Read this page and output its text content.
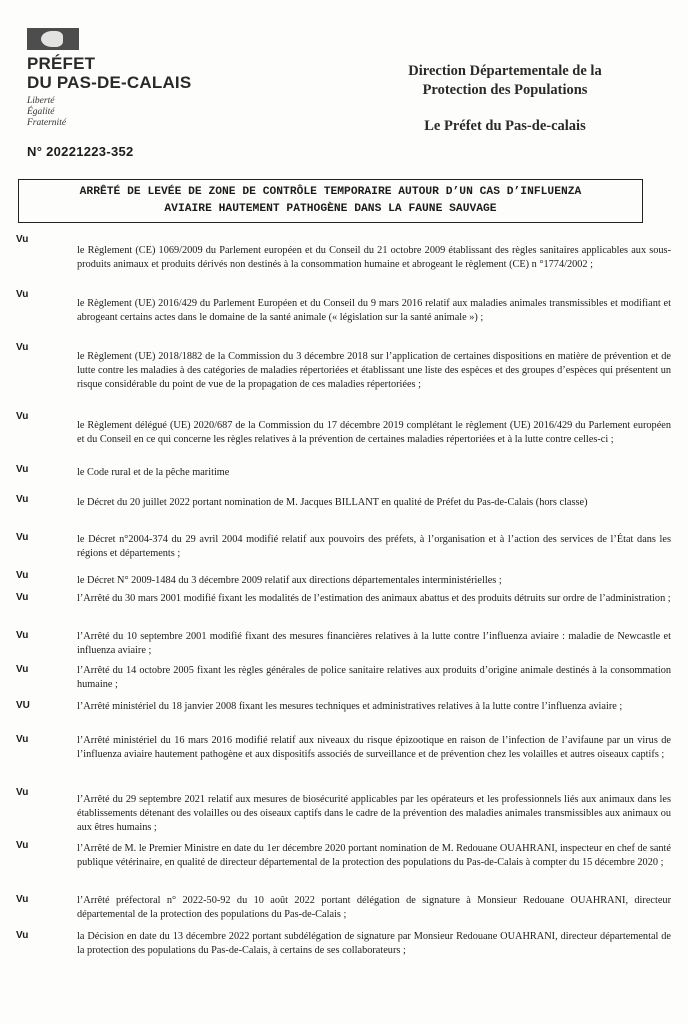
PRÉFET
DU PAS-DE-CALAIS
Liberté
Égalité
Fraternité
N° 20221223-352
Direction Départementale de la
Protection des Populations
Le Préfet du Pas-de-calais
ARRÊTÉ DE LEVÉE DE ZONE DE CONTRÔLE TEMPORAIRE AUTOUR D’UN CAS D’INFLUENZA
AVIAIRE HAUTEMENT PATHOGÈNE DANS LA FAUNE SAUVAGE
Vu
le Règlement (CE) 1069/2009 du Parlement européen et du Conseil du 21 octobre 2009 établissant des règles sanitaires applicables aux sous-produits animaux et produits dérivés non destinés à la consommation humaine et abrogeant le règlement (CE) n °1774/2002 ;
Vu
le Règlement (UE) 2016/429 du Parlement Européen et du Conseil du 9 mars 2016 relatif aux maladies animales transmissibles et modifiant et abrogeant certains actes dans le domaine de la santé animale (« législation sur la santé animale ») ;
Vu
le Règlement (UE) 2018/1882 de la Commission du 3 décembre 2018 sur l’application de certaines dispositions en matière de prévention et de lutte contre les maladies à des catégories de maladies répertoriées et établissant une liste des espèces et des groupes d’espèces qui présentent un risque considérable du point de vue de la propagation de ces maladies répertoriées ;
Vu
le Règlement délégué (UE) 2020/687 de la Commission du 17 décembre 2019 complétant le règlement (UE) 2016/429 du Parlement européen et du Conseil en ce qui concerne les règles relatives à la prévention de certaines maladies répertoriées et à la lutte contre celles-ci ;
Vu	le Code rural et de la pêche maritime
Vu	le Décret du 20 juillet 2022 portant nomination de M. Jacques BILLANT en qualité de Préfet du Pas-de-Calais (hors classe)
Vu	le Décret n°2004-374 du 29 avril 2004 modifié relatif aux pouvoirs des préfets, à l’organisation et à l’action des services de l’État dans les régions et départements ;
Vu	le Décret N° 2009-1484 du 3 décembre 2009 relatif aux directions départementales interministérielles ;
Vu	l’Arrêté du 30 mars 2001 modifié fixant les modalités de l’estimation des animaux abattus et des produits détruits sur ordre de l’administration ;
Vu	l’Arrêté du 10 septembre 2001 modifié fixant des mesures financières relatives à la lutte contre l’influenza aviaire : maladie de Newcastle et influenza aviaire ;
Vu	l’Arrêté du 14 octobre 2005 fixant les règles générales de police sanitaire relatives aux produits d’origine animale destinés à la consommation humaine ;
VU	l’Arrêté ministériel du 18 janvier 2008 fixant les mesures techniques et administratives relatives à la lutte contre l’influenza aviaire ;
Vu	l’Arrêté ministériel du 16 mars 2016 modifié relatif aux niveaux du risque épizootique en raison de l’infection de l’avifaune par un virus de l’influenza aviaire hautement pathogène et aux dispositifs associés de surveillance et de prévention chez les volailles et autres oiseaux captifs ;
Vu
l’Arrêté du 29 septembre 2021 relatif aux mesures de biosécurité applicables par les opérateurs et les professionnels liés aux animaux dans les établissements détenant des volailles ou des oiseaux captifs dans le cadre de la prévention des maladies animales transmissibles aux animaux ou aux êtres humains ;
Vu	l’Arrêté de M. le Premier Ministre en date du 1er décembre 2020 portant nomination de M. Redouane OUAHRANI, inspecteur en chef de santé publique vétérinaire, en qualité de directeur départemental de la protection des populations du Pas-de-Calais à compter du 15 décembre 2020 ;
Vu	l’Arrêté préfectoral n° 2022-50-92 du 10 août 2022 portant délégation de signature à Monsieur Redouane OUAHRANI, directeur départemental de la protection des populations du Pas-de-Calais ;
Vu	la Décision en date du 13 décembre 2022 portant subdélégation de signature par Monsieur Redouane OUAHRANI, directeur départemental de la protection des populations du Pas-de-Calais, à certains de ses collaborateurs ;
